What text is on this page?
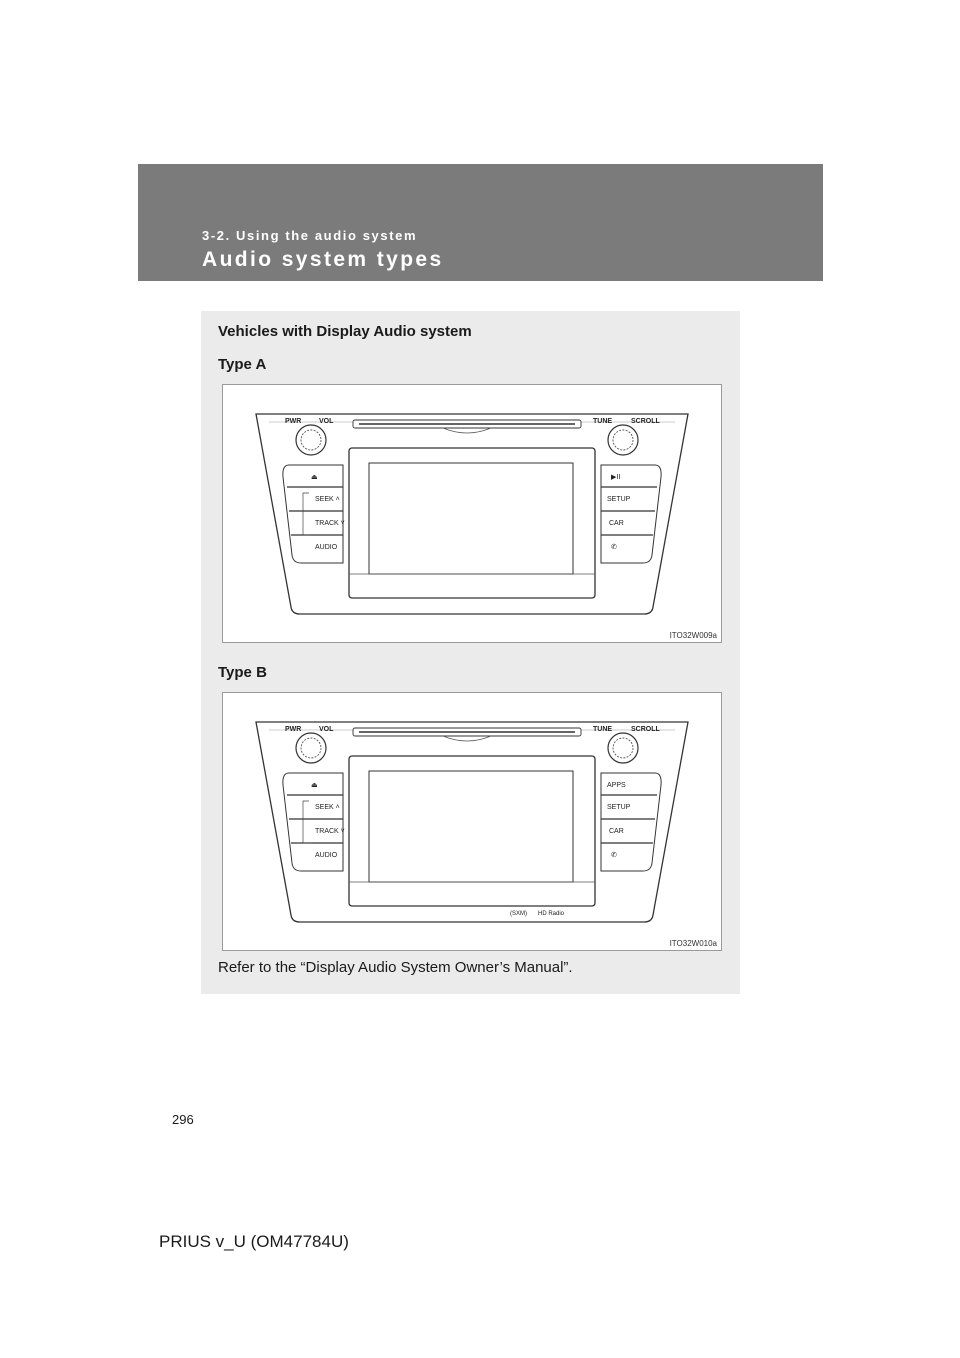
3-2. Using the audio system
Audio system types
Vehicles with Display Audio system
Type A
PWR	VOL	TUNE	SCROLL
⏏
SEEK ˄
TRACK ˅
AUDIO
▶II
SETUP
CAR
✆
ITO32W009a
Type B
PWR	VOL	TUNE	SCROLL
⏏
SEEK ˄
TRACK ˅
AUDIO
APPS
SETUP
CAR
✆
(SXM) HD Radio
ITO32W010a
Refer to the “Display Audio System Owner’s Manual”.
296
PRIUS v_U (OM47784U)
